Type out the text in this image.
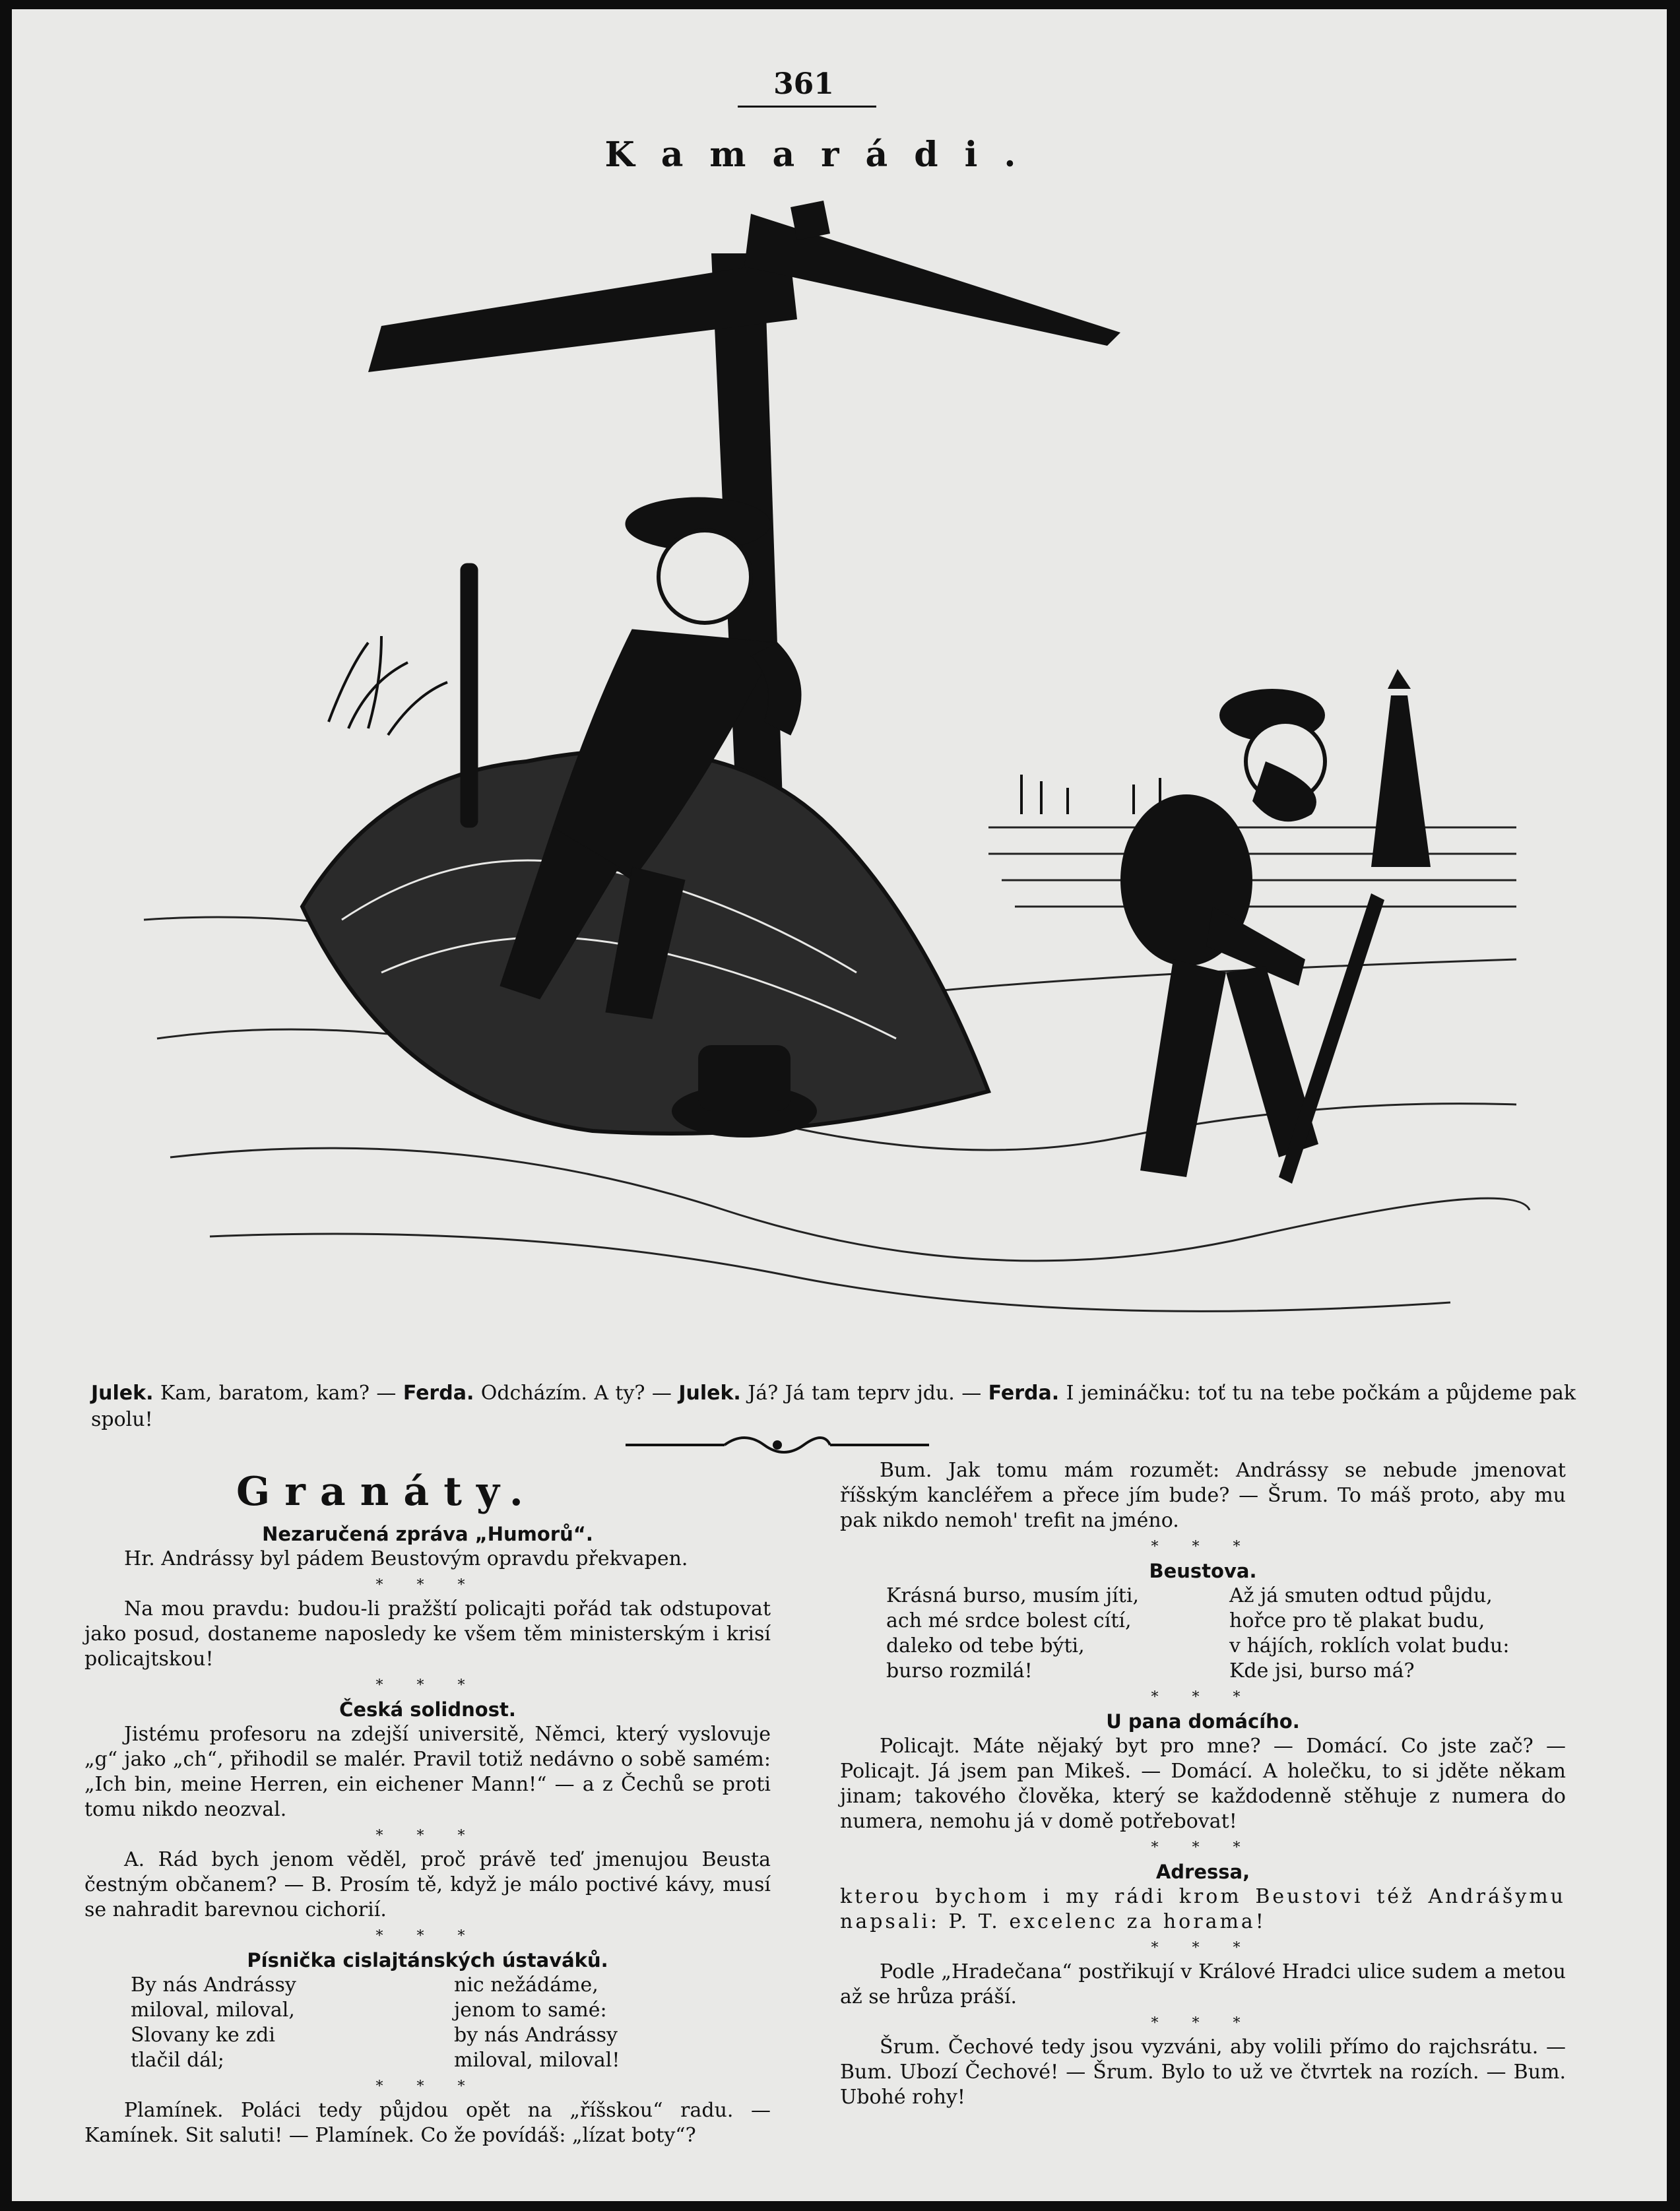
361
Kamarádi.
Julek. Kam, baratom, kam? — Ferda. Odcházím. A ty? — Julek. Já? Já tam teprv jdu. — Ferda. I jemináčku: toť tu na tebe počkám a půjdeme pak spolu!
Granáty.
Nezaručená zpráva „Humorů“.

Hr. Andrássy byl pádem Beustovým opravdu překvapen.

* * *

Na mou pravdu: budou-li pražští policajti pořád tak odstupovat jako posud, dostaneme naposledy ke všem těm ministerským i krisí policajtskou!

* * *
Česká solidnost.

Jistému profesoru na zdejší universitě, Němci, který vyslovuje „g“ jako „ch“, přihodil se malér. Pravil totiž nedávno o sobě samém: „Ich bin, meine Herren, ein eichener Mann!“ — a z Čechů se proti tomu nikdo neozval.

* * *

A. Rád bych jenom věděl, proč právě teď jmenujou Beusta čestným občanem? — B. Prosím tě, když je málo poctivé kávy, musí se nahradit barevnou cichorií.

* * *
Písnička cislajtánských ústaváků.
By nás Andrássy
miloval, miloval,
Slovany ke zdi
tlačil dál;
nic nežádáme,
jenom to samé:
by nás Andrássy
miloval, miloval!
* * *

Plamínek. Poláci tedy půjdou opět na „říšskou“ radu. — Kamínek. Sit saluti! — Plamínek. Co že povídáš: „lízat boty“?

Bum. Jak tomu mám rozumět: Andrássy se nebude jmenovat říšským kancléřem a přece jím bude? — Šrum. To máš proto, aby mu pak nikdo nemoh' trefit na jméno.

* * *
Beustova.
Krásná burso, musím jíti,
ach mé srdce bolest cítí,
daleko od tebe býti,
burso rozmilá!
Až já smuten odtud půjdu,
hořce pro tě plakat budu,
v hájích, roklích volat budu:
Kde jsi, burso má?
* * *
U pana domácího.

Policajt. Máte nějaký byt pro mne? — Domácí. Co jste zač? — Policajt. Já jsem pan Mikeš. — Domácí. A holečku, to si jděte někam jinam; takového člověka, který se každodenně stěhuje z numera do numera, nemohu já v domě potřebovat!

* * *
Adressa,

kterou bychom i my rádi krom Beustovi též Andrášymu napsali: P. T. excelenc za horama!

* * *

Podle „Hradečana“ postřikují v Králové Hradci ulice sudem a metou až se hrůza práší.

* * *

Šrum. Čechové tedy jsou vyzváni, aby volili přímo do rajchsrátu. — Bum. Ubozí Čechové! — Šrum. Bylo to už ve čtvrtek na rozích. — Bum. Ubohé rohy!
